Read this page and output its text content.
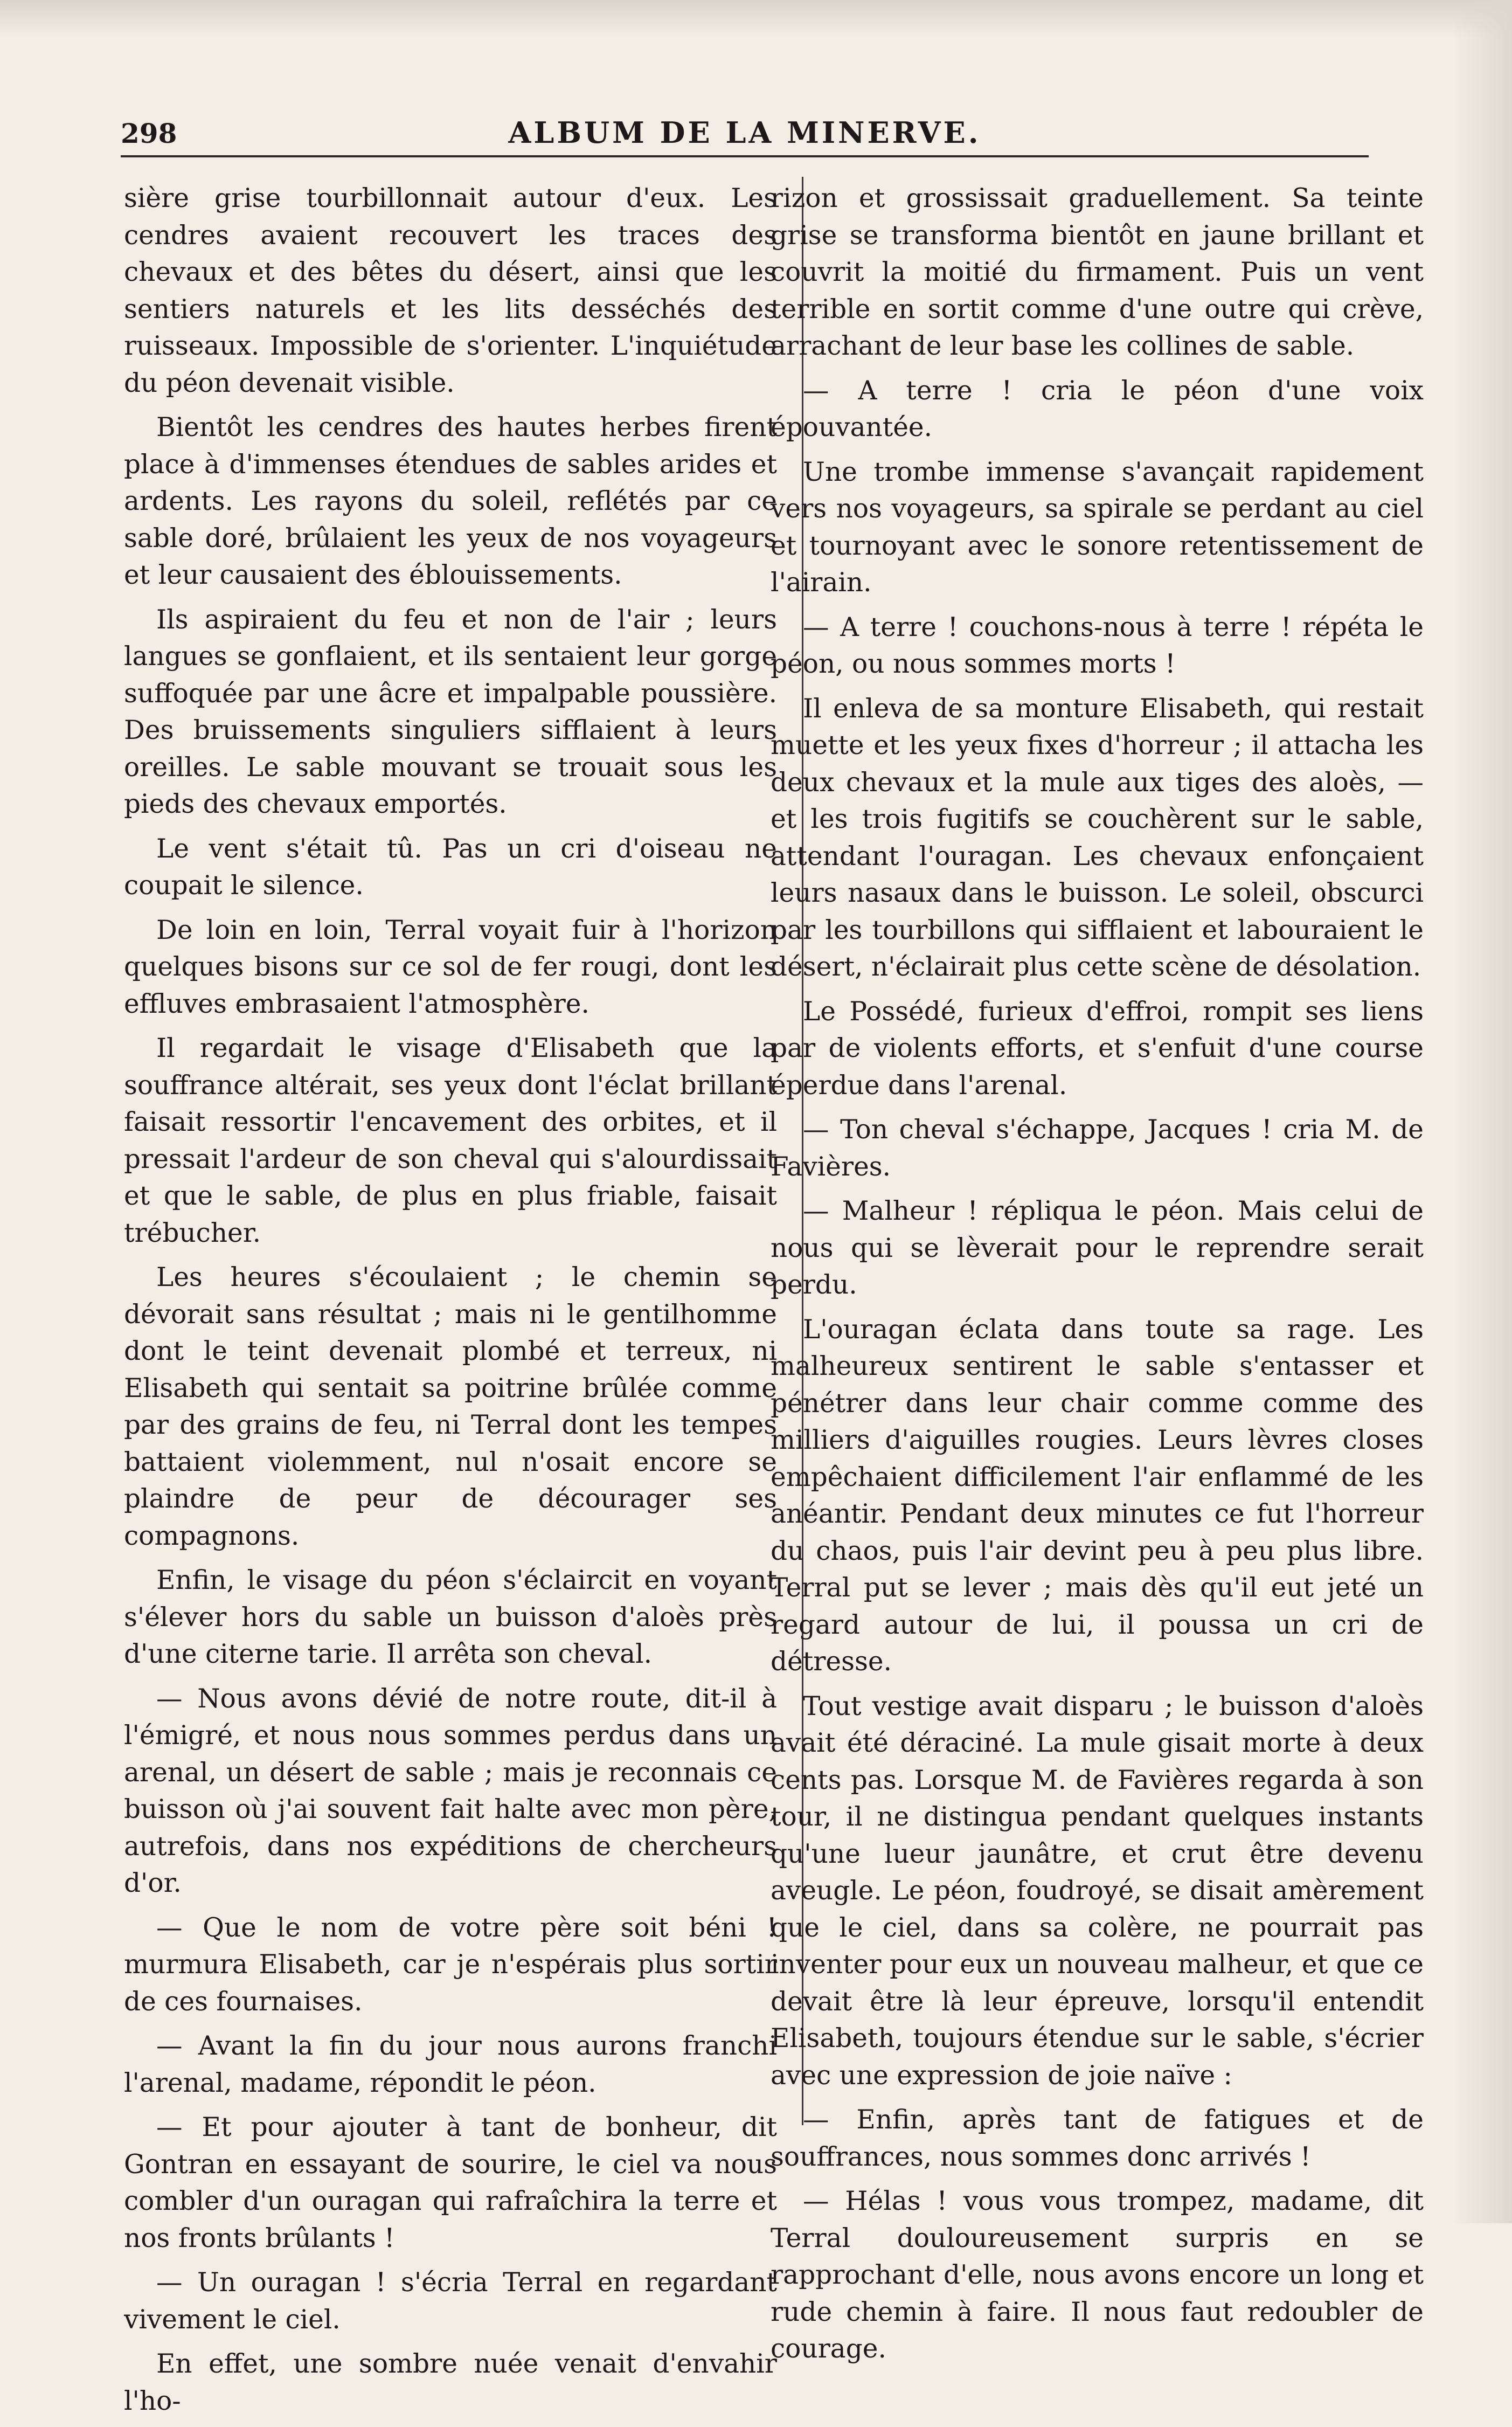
ALBUM DE LA MINERVE.
298

sière grise tourbillonnait autour d'eux. Les cendres avaient recouvert les traces des chevaux et des bêtes du désert, ainsi que les sentiers naturels et les lits desséchés des ruisseaux. Impossible de s'orienter. L'inquiétude du péon devenait visible.

Bientôt les cendres des hautes herbes firent place à d'immenses étendues de sables arides et ardents. Les rayons du soleil, reflétés par ce sable doré, brûlaient les yeux de nos voyageurs et leur causaient des éblouissements.

Ils aspiraient du feu et non de l'air ; leurs langues se gonflaient, et ils sentaient leur gorge suffoquée par une âcre et impalpable poussière. Des bruissements singuliers sifflaient à leurs oreilles. Le sable mouvant se trouait sous les pieds des chevaux emportés.

Le vent s'était tû. Pas un cri d'oiseau ne coupait le silence.

De loin en loin, Terral voyait fuir à l'horizon quelques bisons sur ce sol de fer rougi, dont les effluves embrasaient l'atmosphère.

Il regardait le visage d'Elisabeth que la souffrance altérait, ses yeux dont l'éclat brillant faisait ressortir l'encavement des orbites, et il pressait l'ardeur de son cheval qui s'alourdissait et que le sable, de plus en plus friable, faisait trébucher.

Les heures s'écoulaient ; le chemin se dévorait sans résultat ; mais ni le gentilhomme dont le teint devenait plombé et terreux, ni Elisabeth qui sentait sa poitrine brûlée comme par des grains de feu, ni Terral dont les tempes battaient violemment, nul n'osait encore se plaindre de peur de décourager ses compagnons.

Enfin, le visage du péon s'éclaircit en voyant s'élever hors du sable un buisson d'aloès près d'une citerne tarie. Il arrêta son cheval.

— Nous avons dévié de notre route, dit-il à l'émigré, et nous nous sommes perdus dans un arenal, un désert de sable ; mais je reconnais ce buisson où j'ai souvent fait halte avec mon père, autrefois, dans nos expéditions de chercheurs d'or.

— Que le nom de votre père soit béni ! murmura Elisabeth, car je n'espérais plus sortir de ces fournaises.

— Avant la fin du jour nous aurons franchi l'arenal, madame, répondit le péon.

— Et pour ajouter à tant de bonheur, dit Gontran en essayant de sourire, le ciel va nous combler d'un ouragan qui rafraîchira la terre et nos fronts brûlants !

— Un ouragan ! s'écria Terral en regardant vivement le ciel.

En effet, une sombre nuée venait d'envahir l'ho-

rizon et grossissait graduellement. Sa teinte grise se transforma bientôt en jaune brillant et couvrit la moitié du firmament. Puis un vent terrible en sortit comme d'une outre qui crève, arrachant de leur base les collines de sable.

— A terre ! cria le péon d'une voix épouvantée.

Une trombe immense s'avançait rapidement vers nos voyageurs, sa spirale se perdant au ciel et tournoyant avec le sonore retentissement de l'airain.

— A terre ! couchons-nous à terre ! répéta le péon, ou nous sommes morts !

Il enleva de sa monture Elisabeth, qui restait muette et les yeux fixes d'horreur ; il attacha les deux chevaux et la mule aux tiges des aloès, — et les trois fugitifs se couchèrent sur le sable, attendant l'ouragan. Les chevaux enfonçaient leurs nasaux dans le buisson. Le soleil, obscurci par les tourbillons qui sifflaient et labouraient le désert, n'éclairait plus cette scène de désolation.

Le Possédé, furieux d'effroi, rompit ses liens par de violents efforts, et s'enfuit d'une course éperdue dans l'arenal.

— Ton cheval s'échappe, Jacques ! cria M. de Favières.

— Malheur ! répliqua le péon. Mais celui de nous qui se lèverait pour le reprendre serait perdu.

L'ouragan éclata dans toute sa rage. Les malheureux sentirent le sable s'entasser et pénétrer dans leur chair comme comme des milliers d'aiguilles rougies. Leurs lèvres closes empêchaient difficilement l'air enflammé de les anéantir. Pendant deux minutes ce fut l'horreur du chaos, puis l'air devint peu à peu plus libre. Terral put se lever ; mais dès qu'il eut jeté un regard autour de lui, il poussa un cri de détresse.

Tout vestige avait disparu ; le buisson d'aloès avait été déraciné. La mule gisait morte à deux cents pas. Lorsque M. de Favières regarda à son tour, il ne distingua pendant quelques instants qu'une lueur jaunâtre, et crut être devenu aveugle. Le péon, foudroyé, se disait amèrement que le ciel, dans sa colère, ne pourrait pas inventer pour eux un nouveau malheur, et que ce devait être là leur épreuve, lorsqu'il entendit Elisabeth, toujours étendue sur le sable, s'écrier avec une expression de joie naïve :

— Enfin, après tant de fatigues et de souffrances, nous sommes donc arrivés !

— Hélas ! vous vous trompez, madame, dit Terral douloureusement surpris en se rapprochant d'elle, nous avons encore un long et rude chemin à faire. Il nous faut redoubler de courage.
